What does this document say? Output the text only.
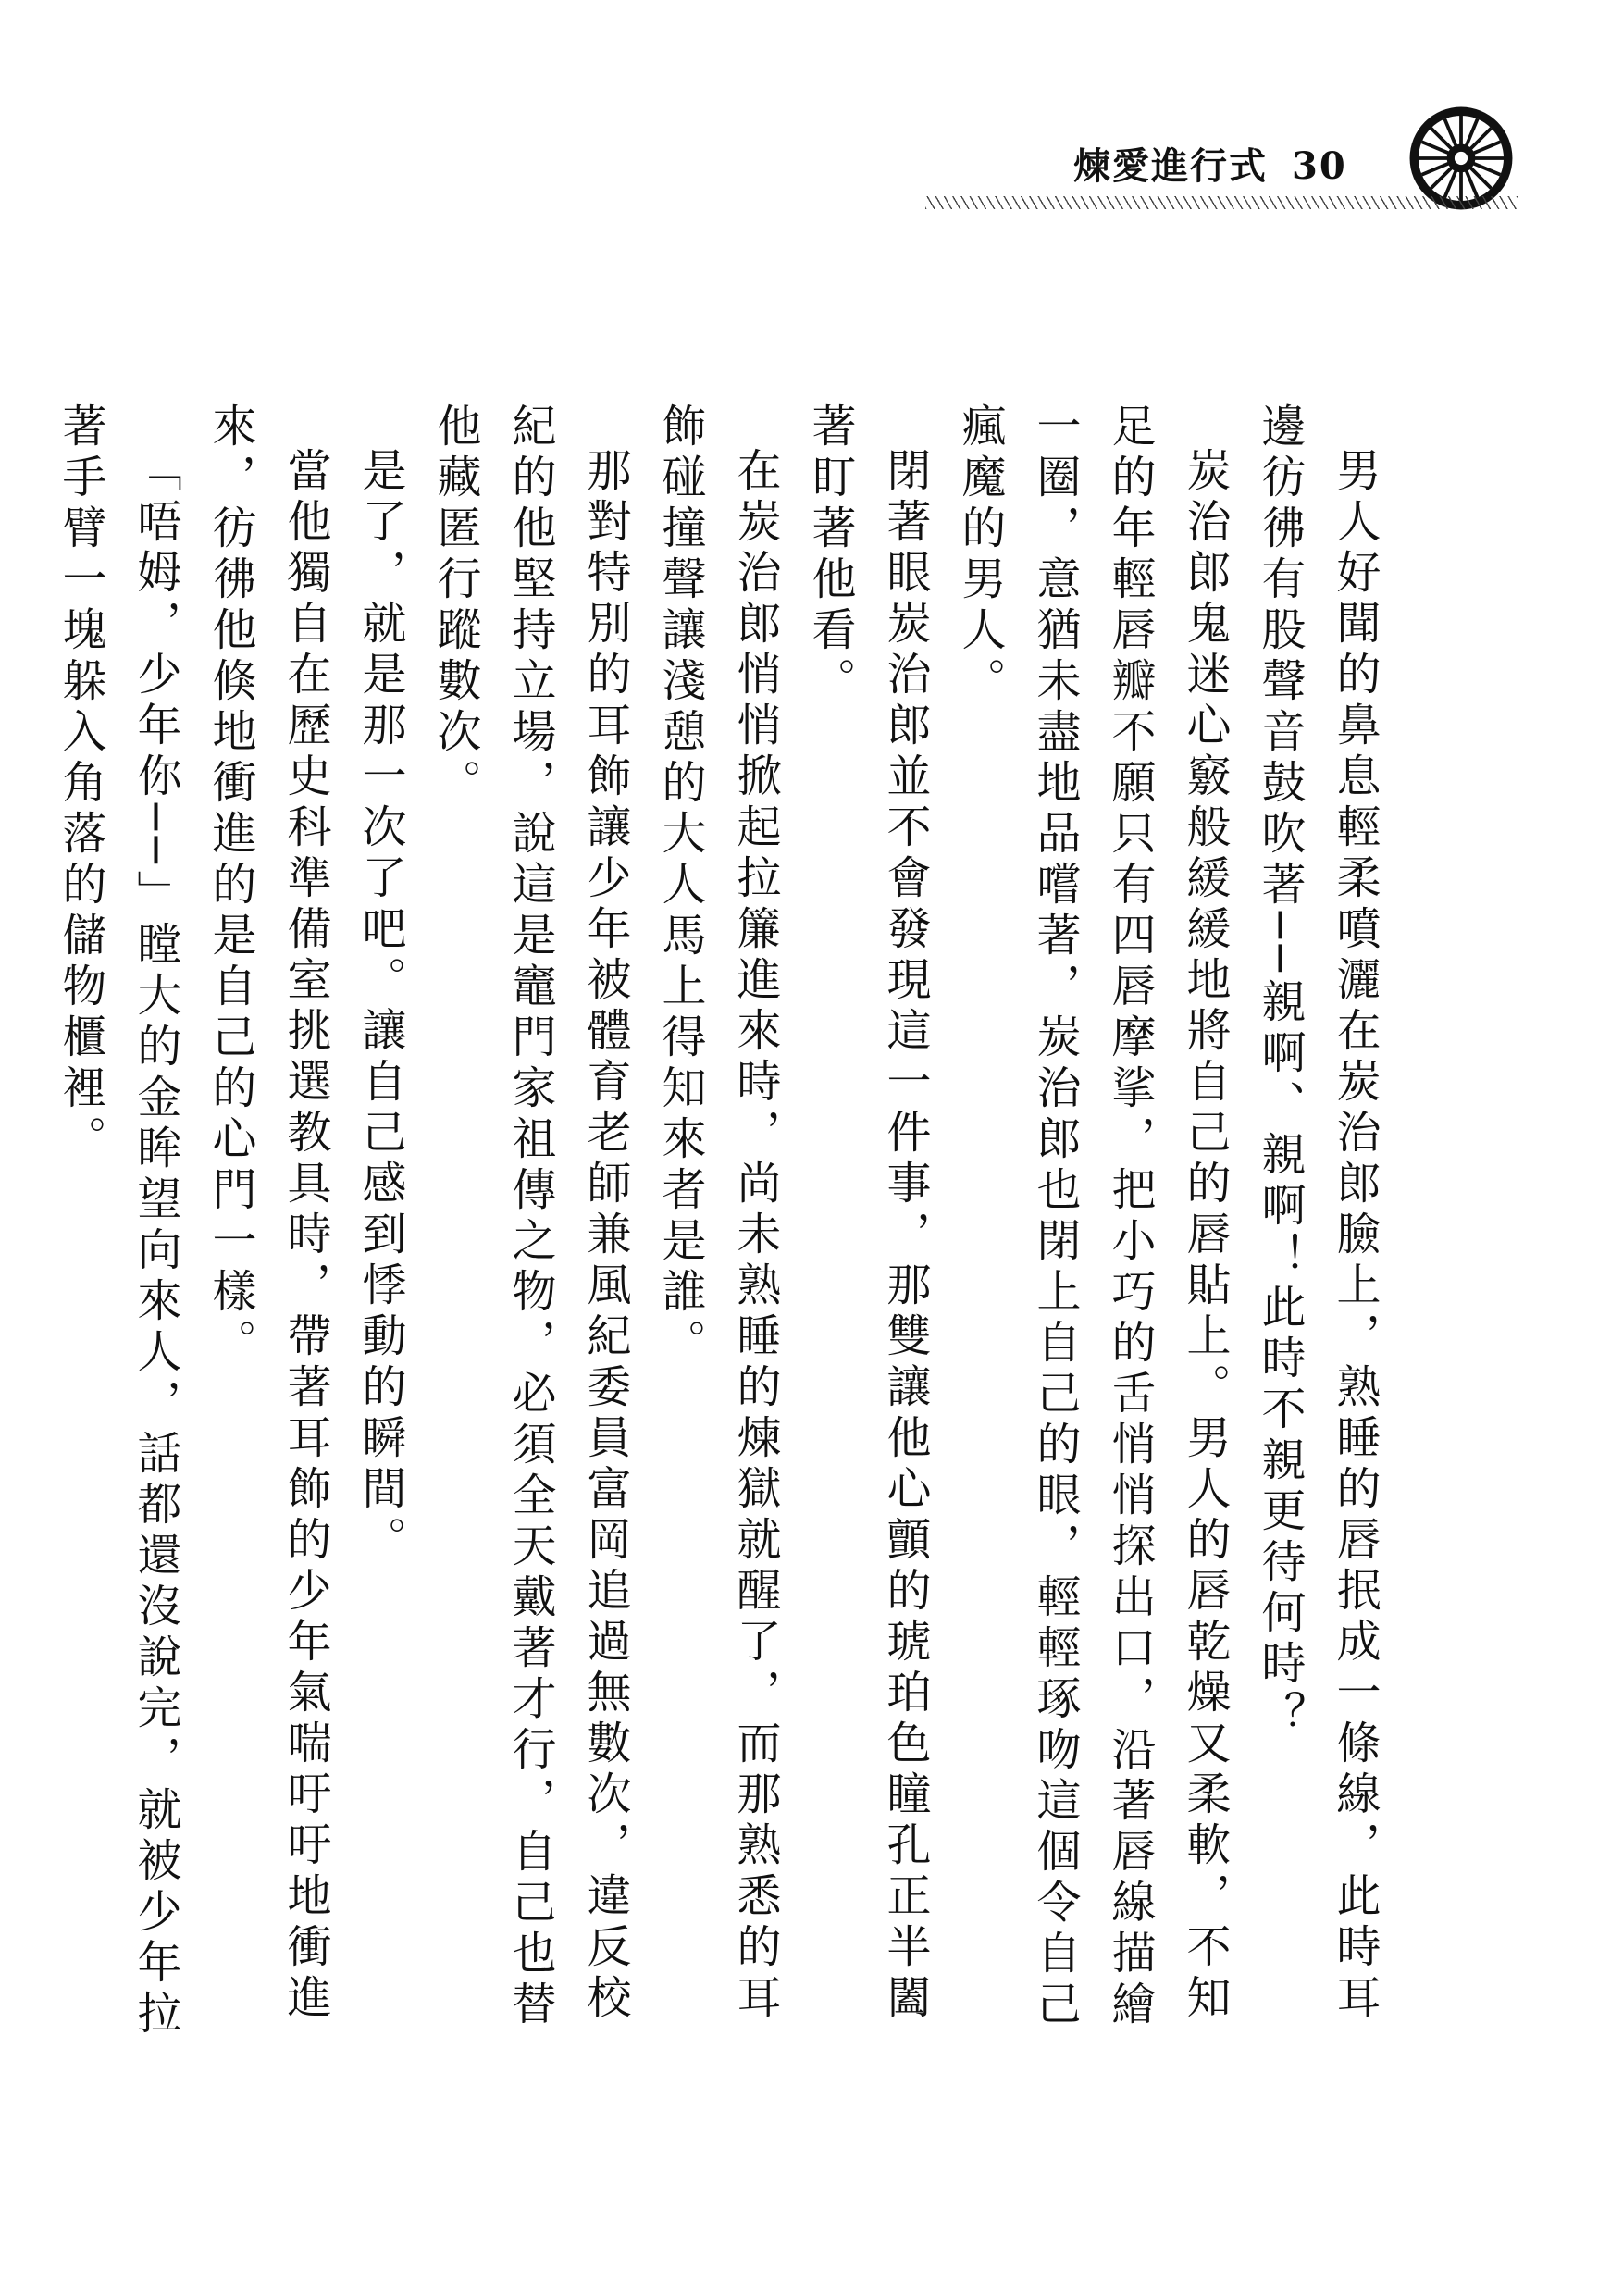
煉愛進行式 30

男人好聞的鼻息輕柔噴灑在炭治郎臉上，熟睡的唇抿成一條線，此時耳邊彷彿有股聲音鼓吹著──親啊、親啊！此時不親更待何時？

炭治郎鬼迷心竅般緩緩地將自己的唇貼上。男人的唇乾燥又柔軟，不知足的年輕唇瓣不願只有四唇摩挲，把小巧的舌悄悄探出口，沿著唇線描繪一圈，意猶未盡地品嚐著，炭治郎也閉上自己的眼，輕輕琢吻這個令自己瘋魔的男人。

閉著眼炭治郎並不會發現這一件事，那雙讓他心顫的琥珀色瞳孔正半闔著盯著他看。

在炭治郎悄悄掀起拉簾進來時，尚未熟睡的煉獄就醒了，而那熟悉的耳飾碰撞聲讓淺憩的大人馬上得知來者是誰。

那對特別的耳飾讓少年被體育老師兼風紀委員富岡追過無數次，違反校紀的他堅持立場，說這是竈門家祖傳之物，必須全天戴著才行，自己也替他藏匿行蹤數次。

是了，就是那一次了吧。讓自己感到悸動的瞬間。

當他獨自在歷史科準備室挑選教具時，帶著耳飾的少年氣喘吁吁地衝進來，彷彿他倏地衝進的是自己的心門一樣。

「唔姆，少年你──」瞠大的金眸望向來人，話都還沒說完，就被少年拉著手臂一塊躲入角落的儲物櫃裡。
